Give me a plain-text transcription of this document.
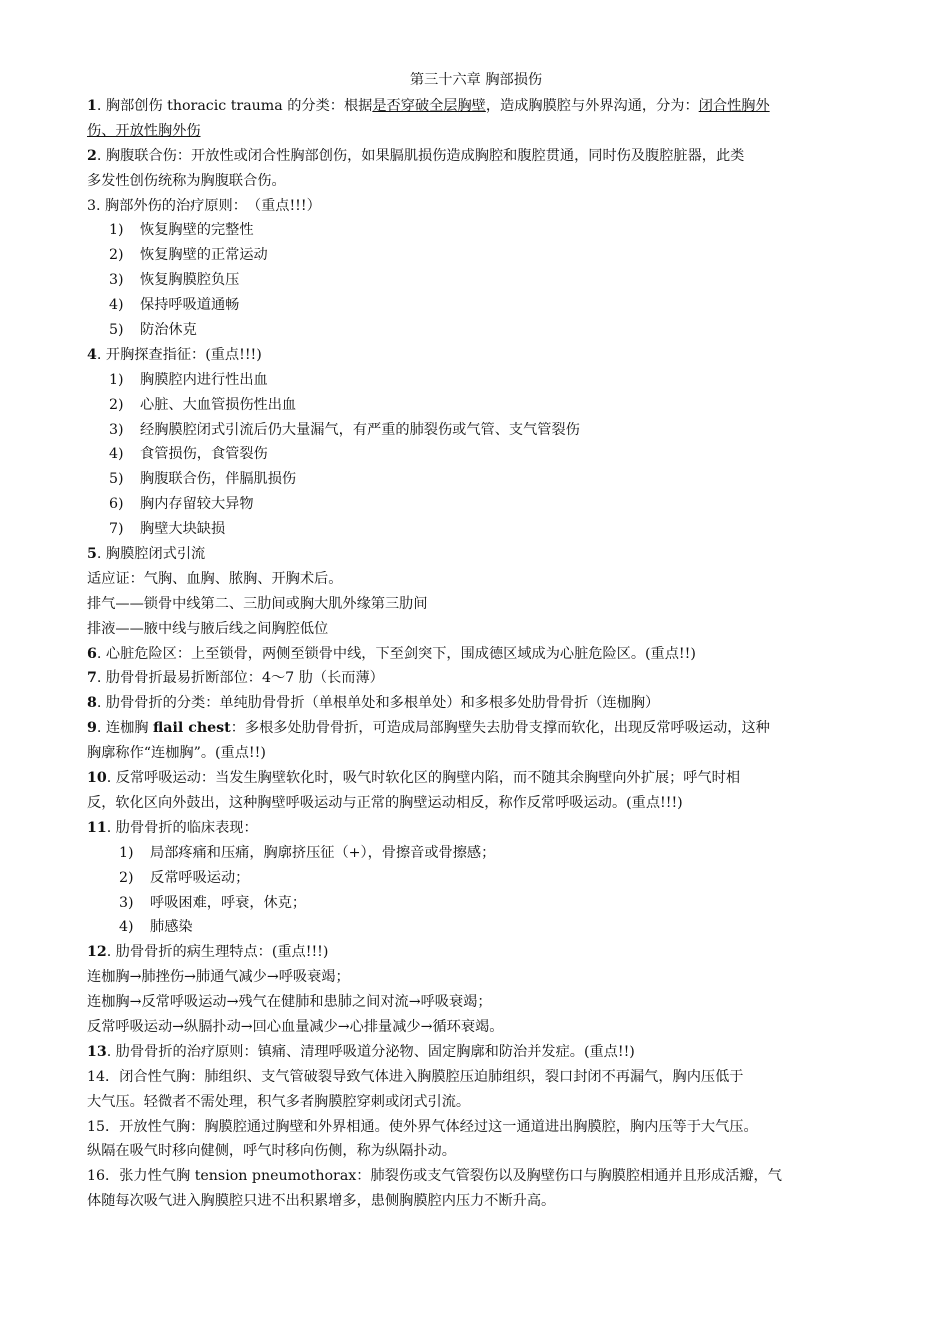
第三十六章 胸部损伤
1. 胸部创伤 thoracic trauma 的分类：根据是否穿破全层胸壁，造成胸膜腔与外界沟通，分为：闭合性胸外
伤、开放性胸外伤
2. 胸腹联合伤：开放性或闭合性胸部创伤，如果膈肌损伤造成胸腔和腹腔贯通，同时伤及腹腔脏器，此类
多发性创伤统称为胸腹联合伤。
3. 胸部外伤的治疗原则：　（重点!!!）
1) 恢复胸壁的完整性
2) 恢复胸壁的正常运动
3) 恢复胸膜腔负压
4) 保持呼吸道通畅
5) 防治休克
4. 开胸探查指征：(重点!!!)
1) 胸膜腔内进行性出血
2) 心脏、大血管损伤性出血
3) 经胸膜腔闭式引流后仍大量漏气，有严重的肺裂伤或气管、支气管裂伤
4) 食管损伤，食管裂伤
5) 胸腹联合伤，伴膈肌损伤
6) 胸内存留较大异物
7) 胸壁大块缺损
5. 胸膜腔闭式引流
适应证：气胸、血胸、脓胸、开胸术后。
排气——锁骨中线第二、三肋间或胸大肌外缘第三肋间
排液——腋中线与腋后线之间胸腔低位
6. 心脏危险区：上至锁骨，两侧至锁骨中线，下至剑突下，围成德区域成为心脏危险区。(重点!!)
7. 肋骨骨折最易折断部位：4～7 肋（长而薄）
8. 肋骨骨折的分类：单纯肋骨骨折（单根单处和多根单处）和多根多处肋骨骨折（连枷胸）
9. 连枷胸 flail chest：多根多处肋骨骨折，可造成局部胸壁失去肋骨支撑而软化，出现反常呼吸运动，这种
胸廓称作“连枷胸”。(重点!!)
10. 反常呼吸运动：当发生胸壁软化时，吸气时软化区的胸壁内陷，而不随其余胸壁向外扩展；呼气时相
反，软化区向外鼓出，这种胸壁呼吸运动与正常的胸壁运动相反，称作反常呼吸运动。(重点!!!)
11. 肋骨骨折的临床表现：
1) 局部疼痛和压痛，胸廓挤压征（+），骨擦音或骨擦感；
2) 反常呼吸运动；
3) 呼吸困难，呼衰，休克；
4) 肺感染
12. 肋骨骨折的病生理特点：(重点!!!)
连枷胸→肺挫伤→肺通气减少→呼吸衰竭；
连枷胸→反常呼吸运动→残气在健肺和患肺之间对流→呼吸衰竭；
反常呼吸运动→纵膈扑动→回心血量减少→心排量减少→循环衰竭。
13. 肋骨骨折的治疗原则：镇痛、清理呼吸道分泌物、固定胸廓和防治并发症。(重点!!)
14．闭合性气胸：肺组织、支气管破裂导致气体进入胸膜腔压迫肺组织，裂口封闭不再漏气，胸内压低于
大气压。轻微者不需处理，积气多者胸膜腔穿刺或闭式引流。
15．开放性气胸：胸膜腔通过胸壁和外界相通。使外界气体经过这一通道进出胸膜腔，胸内压等于大气压。
纵隔在吸气时移向健侧，呼气时移向伤侧，称为纵隔扑动。
16．张力性气胸 tension pneumothorax：肺裂伤或支气管裂伤以及胸壁伤口与胸膜腔相通并且形成活瓣，气
体随每次吸气进入胸膜腔只进不出积累增多，患侧胸膜腔内压力不断升高。
